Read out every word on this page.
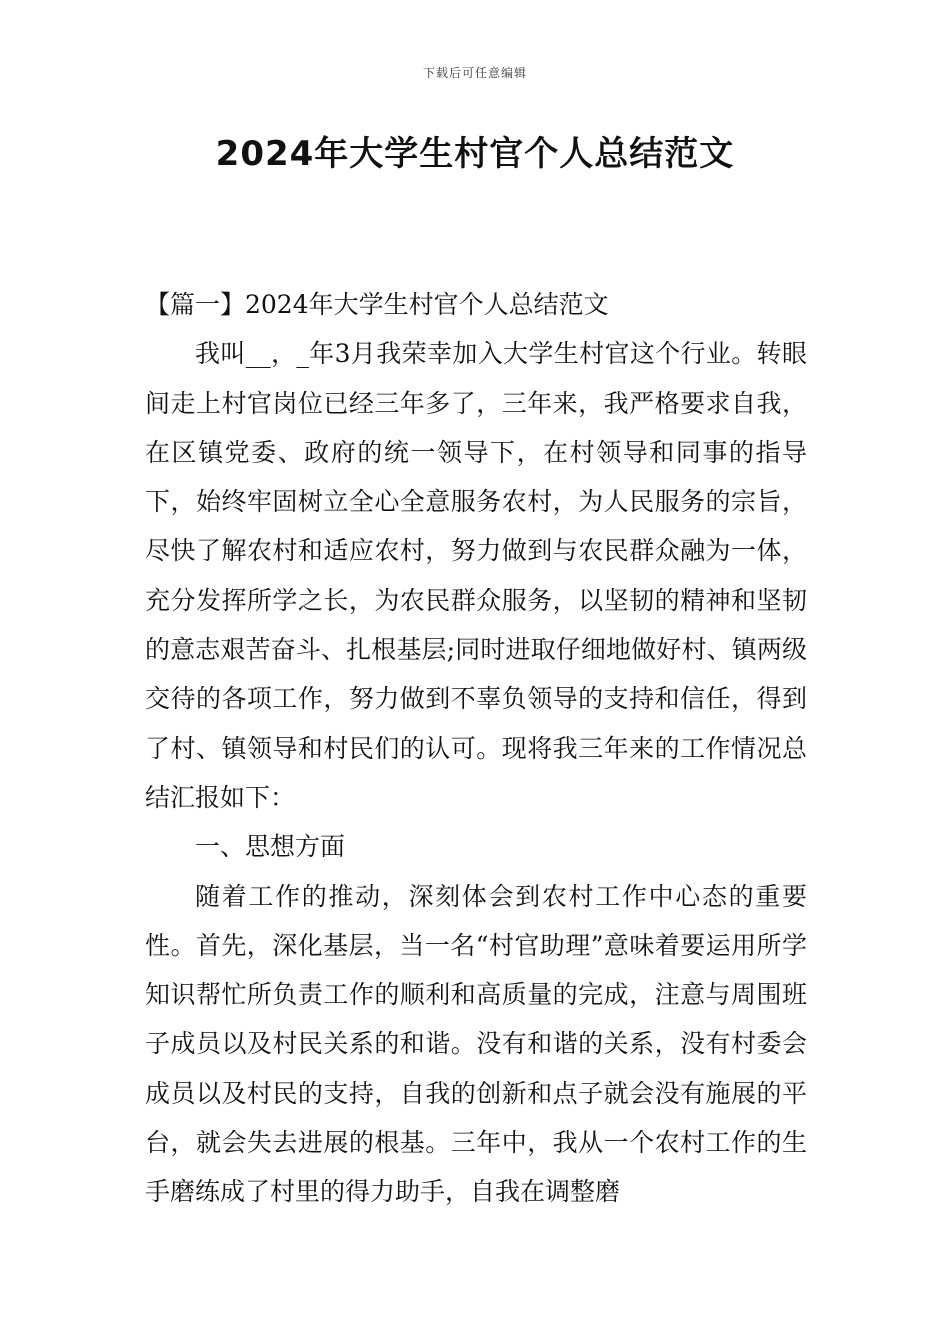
下载后可任意编辑
2024年大学生村官个人总结范文

【篇一】2024年大学生村官个人总结范文

我叫__，_年3月我荣幸加入大学生村官这个行业。转眼间走上村官岗位已经三年多了，三年来，我严格要求自我，在区镇党委、政府的统一领导下，在村领导和同事的指导下，始终牢固树立全心全意服务农村，为人民服务的宗旨，尽快了解农村和适应农村，努力做到与农民群众融为一体，充分发挥所学之长，为农民群众服务，以坚韧的精神和坚韧的意志艰苦奋斗、扎根基层;同时进取仔细地做好村、镇两级交待的各项工作，努力做到不辜负领导的支持和信任，得到了村、镇领导和村民们的认可。现将我三年来的工作情况总结汇报如下：

一、思想方面

随着工作的推动，深刻体会到农村工作中心态的重要性。首先，深化基层，当一名“村官助理”意味着要运用所学知识帮忙所负责工作的顺利和高质量的完成，注意与周围班子成员以及村民关系的和谐。没有和谐的关系，没有村委会成员以及村民的支持，自我的创新和点子就会没有施展的平台，就会失去进展的根基。三年中，我从一个农村工作的生手磨练成了村里的得力助手，自我在调整磨
